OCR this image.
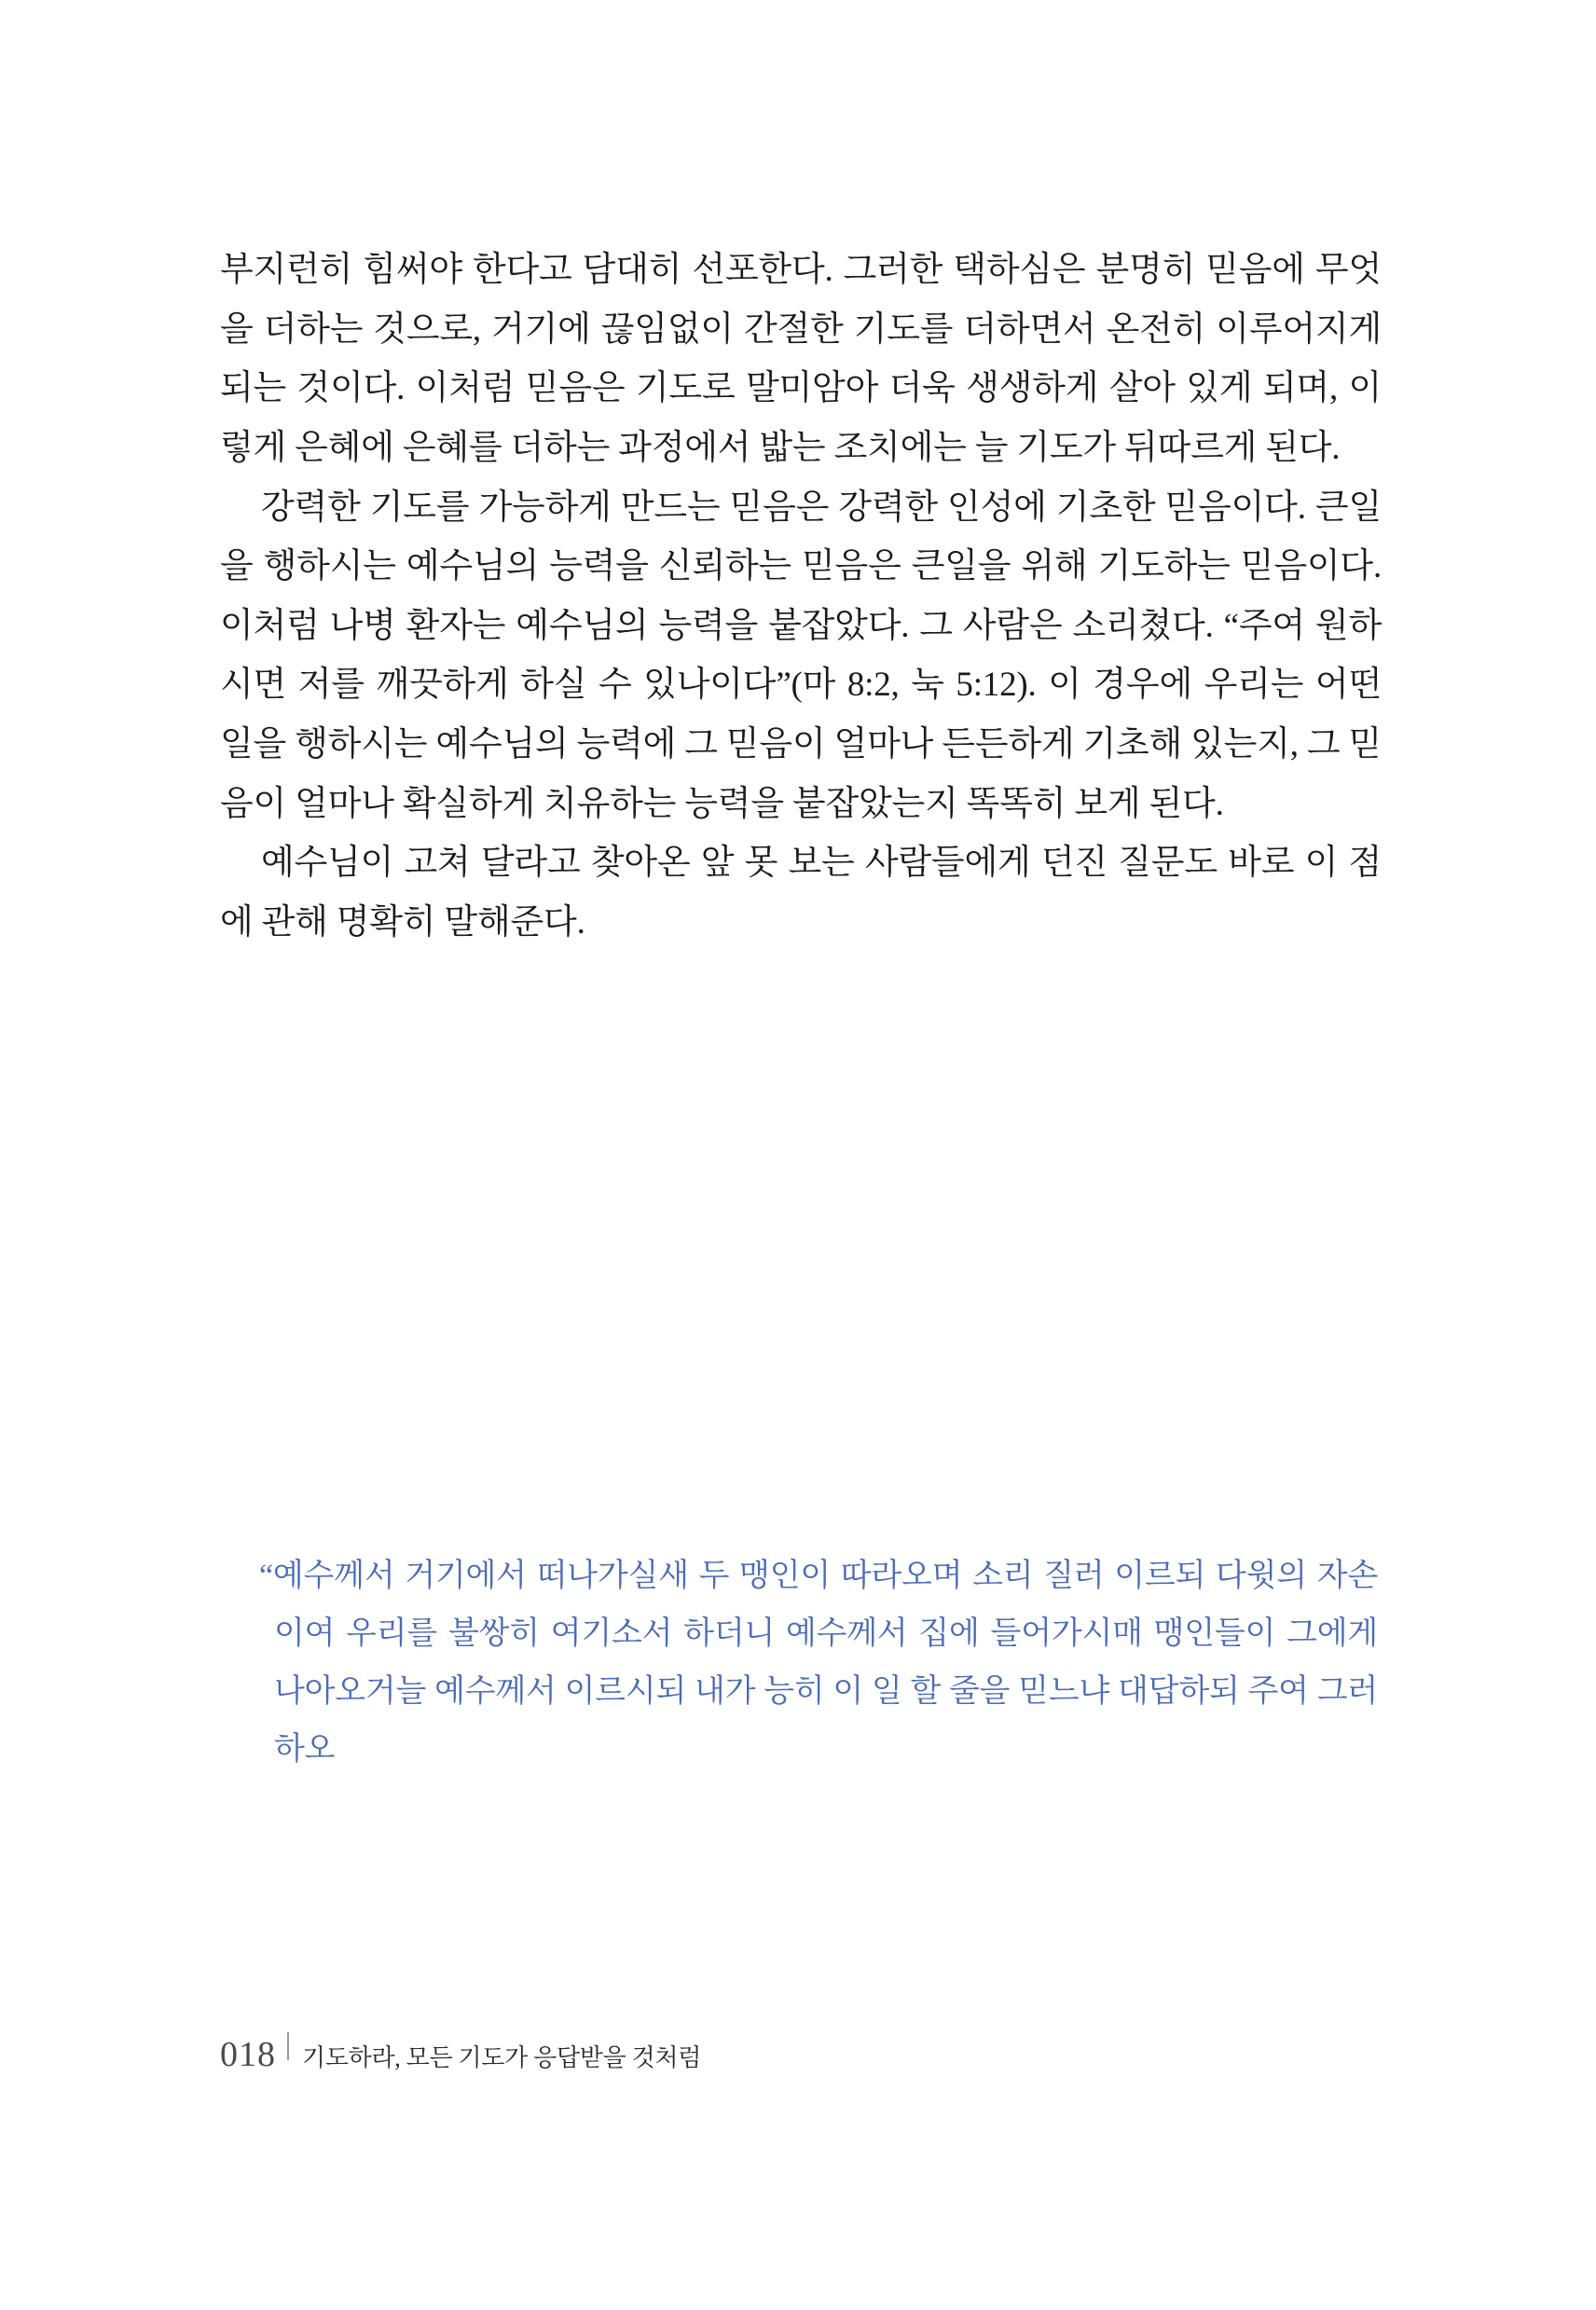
부지런히 힘써야 한다고 담대히 선포한다. 그러한 택하심은 분명히 믿음에 무엇을 더하는 것으로, 거기에 끊임없이 간절한 기도를 더하면서 온전히 이루어지게 되는 것이다. 이처럼 믿음은 기도로 말미암아 더욱 생생하게 살아 있게 되며, 이렇게 은혜에 은혜를 더하는 과정에서 밟는 조치에는 늘 기도가 뒤따르게 된다.

강력한 기도를 가능하게 만드는 믿음은 강력한 인성에 기초한 믿음이다. 큰일을 행하시는 예수님의 능력을 신뢰하는 믿음은 큰일을 위해 기도하는 믿음이다. 이처럼 나병 환자는 예수님의 능력을 붙잡았다. 그 사람은 소리쳤다. “주여 원하시면 저를 깨끗하게 하실 수 있나이다”(마 8:2, 눅 5:12). 이 경우에 우리는 어떤 일을 행하시는 예수님의 능력에 그 믿음이 얼마나 든든하게 기초해 있는지, 그 믿음이 얼마나 확실하게 치유하는 능력을 붙잡았는지 똑똑히 보게 된다.

예수님이 고쳐 달라고 찾아온 앞 못 보는 사람들에게 던진 질문도 바로 이 점에 관해 명확히 말해준다.

“예수께서 거기에서 떠나가실새 두 맹인이 따라오며 소리 질러 이르되 다윗의 자손이여 우리를 불쌍히 여기소서 하더니 예수께서 집에 들어가시매 맹인들이 그에게 나아오거늘 예수께서 이르시되 내가 능히 이 일 할 줄을 믿느냐 대답하되 주여 그러하오

018 기도하라, 모든 기도가 응답받을 것처럼
